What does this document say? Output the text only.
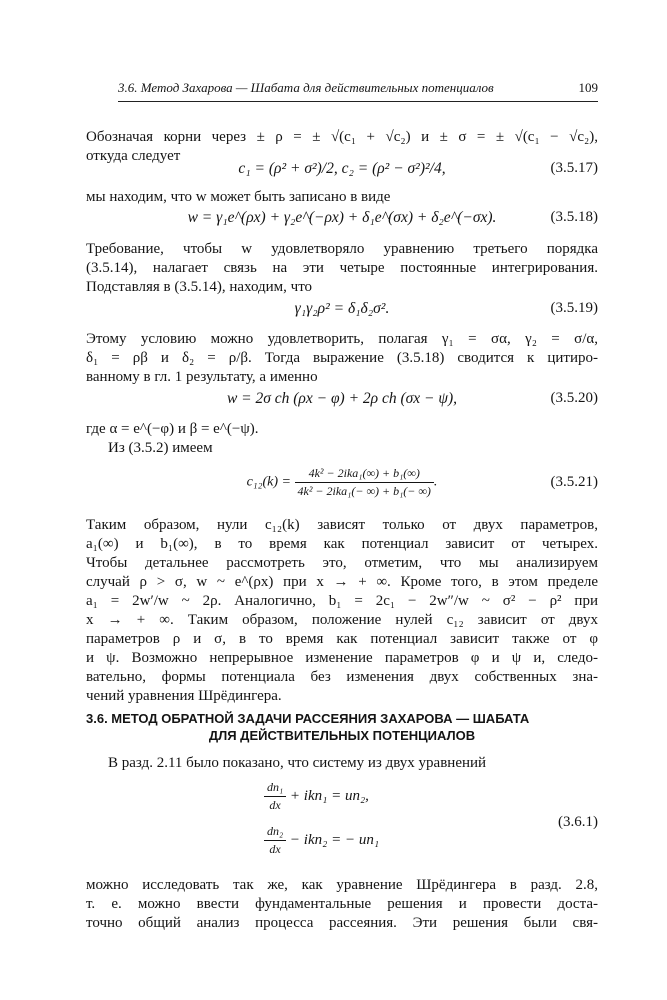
3.6. Метод Захарова — Шабата для действительных потенциалов	109
Обозначая корни через ± ρ = ± √(c₁ + √c₂) и ± σ = ± √(c₁ − √c₂),
откуда следует
c₁ = (ρ² + σ²)/2, c₂ = (ρ² − σ²)²/4,	(3.5.17)
мы находим, что w может быть записано в виде
w = γ₁e^(ρx) + γ₂e^(−ρx) + δ₁e^(σx) + δ₂e^(−σx).	(3.5.18)
Требование, чтобы w удовлетворяло уравнению третьего порядка
(3.5.14), налагает связь на эти четыре постоянные интегрирования.
Подставляя в (3.5.14), находим, что
γ₁γ₂ρ² = δ₁δ₂σ².	(3.5.19)
Этому условию можно удовлетворить, полагая γ₁ = σα, γ₂ = σ/α,
δ₁ = ρβ и δ₂ = ρ/β. Тогда выражение (3.5.18) сводится к цитиро-
ванному в гл. 1 результату, а именно
w = 2σ ch (ρx − φ) + 2ρ ch (σx − ψ),	(3.5.20)
где α = e^(−φ) и β = e^(−ψ).
Из (3.5.2) имеем
$c_{12}(k) = \frac{\text{4k² − 2ika₁(∞) + b₁(∞)}}{\text{4k² − 2ika₁(− ∞) + b₁(− ∞)}}$ .	(3.5.21)
Таким образом, нули c₁₂(k) зависят только от двух параметров,
a₁(∞) и b₁(∞), в то время как потенциал зависит от четырех.
Чтобы детальнее рассмотреть это, отметим, что мы анализируем
случай ρ > σ, w ~ e^(ρx) при x → + ∞. Кроме того, в этом пределе
a₁ = 2w′/w ~ 2ρ. Аналогично, b₁ = 2c₁ − 2w″/w ~ σ² − ρ² при
x → + ∞. Таким образом, положение нулей c₁₂ зависит от двух
параметров ρ и σ, в то время как потенциал зависит также от φ
и ψ. Возможно непрерывное изменение параметров φ и ψ и, следо-
вательно, формы потенциала без изменения двух собственных зна-
чений уравнения Шрёдингера.
3.6. МЕТОД ОБРАТНОЙ ЗАДАЧИ РАССЕЯНИЯ ЗАХАРОВА — ШАБАТА
ДЛЯ ДЕЙСТВИТЕЛЬНЫХ ПОТЕНЦИАЛОВ
В разд. 2.11 было показано, что систему из двух уравнений
$\frac{\text{dn₁}}{dx} + ikn_1 = un_2$,
$\frac{\text{dn₂}}{dx} - ikn_2$ = − un₁
(3.6.1)
можно исследовать так же, как уравнение Шрёдингера в разд. 2.8,
т. е. можно ввести фундаментальные решения и провести доста-
точно общий анализ процесса рассеяния. Эти решения были свя-
